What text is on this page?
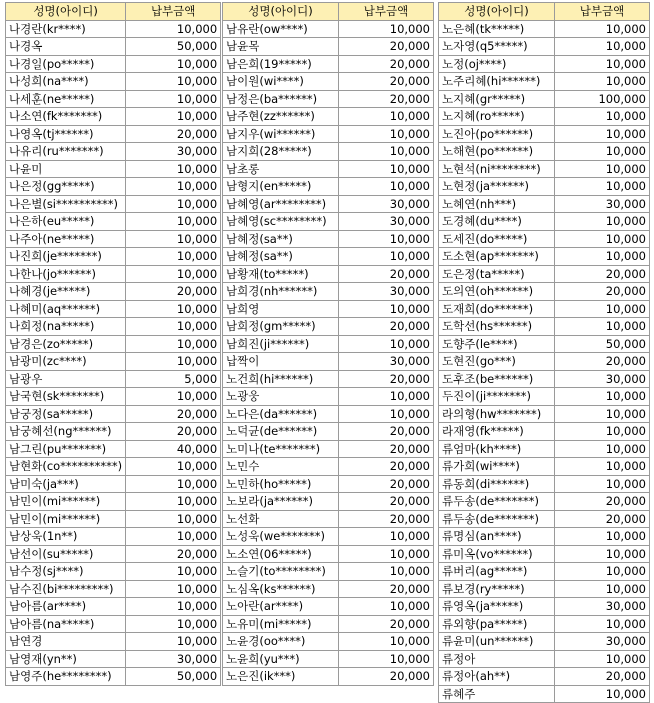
성명(아이디)	납부금액
나경란(kr****)	10,000
나경옥	50,000
나경일(po*****)	10,000
나성희(na****)	10,000
나세훈(ne*****)	10,000
나소연(fk*******)	10,000
나영옥(tj******)	20,000
나유리(ru*******)	30,000
나윤미	10,000
나은정(gg*****)	10,000
나은별(si**********)	10,000
나은하(eu*****)	10,000
나주아(ne*****)	10,000
나진희(je*******)	10,000
나한나(jo******)	10,000
나혜경(je*****)	20,000
나혜미(aq******)	10,000
나희정(na*****)	10,000
남경은(zo*****)	10,000
남광미(zc****)	10,000
남광우	5,000
남국현(sk*******)	10,000
남궁정(sa*****)	20,000
남궁혜선(ng******)	20,000
남그린(pu*******)	40,000
남현화(co**********)	10,000
남미숙(ja***)	10,000
남민이(mi******)	10,000
남민이(mi******)	10,000
남상욱(1n**)	10,000
남선이(su*****)	20,000
남수정(sj****)	10,000
남수진(bi*********)	10,000
남아름(ar****)	10,000
남아름(na*****)	10,000
남연경	10,000
남영재(yn**)	30,000
남영주(he********)	50,000
성명(아이디)	납부금액
남유란(ow****)	10,000
남윤목	20,000
남은희(19*****)	20,000
남이원(wi****)	20,000
남정은(ba******)	20,000
남주현(zz******)	10,000
남지우(wi******)	10,000
남지희(28*****)	10,000
남초롱	10,000
남형지(en*****)	10,000
남혜영(ar********)	30,000
남혜영(sc********)	30,000
남혜정(sa**)	10,000
남혜정(sa**)	10,000
남황재(to*****)	20,000
남희경(nh******)	30,000
남희영	10,000
남희정(gm*****)	20,000
남희진(ji******)	10,000
납짝이	30,000
노건희(hi******)	20,000
노광웅	10,000
노다은(da******)	10,000
노덕균(de******)	20,000
노미나(te*******)	20,000
노민수	20,000
노민하(ho*****)	20,000
노보라(ja******)	20,000
노선화	20,000
노성욱(we*******)	10,000
노소연(06*****)	10,000
노슬기(to********)	10,000
노심옥(ks******)	20,000
노아란(ar****)	10,000
노유미(mi*****)	20,000
노윤경(oo****)	10,000
노윤희(yu***)	10,000
노은진(ik***)	20,000
성명(아이디)	납부금액
노은혜(tk*****)	10,000
노자영(q5*****)	10,000
노정(oj****)	10,000
노주리혜(hi******)	10,000
노지혜(gr*****)	100,000
노지혜(ro*****)	10,000
노진아(po******)	10,000
노해현(po******)	10,000
노현석(ni********)	10,000
노현정(ja******)	10,000
노혜연(nh***)	30,000
도경혜(du****)	10,000
도세진(do*****)	10,000
도소현(ap*******)	10,000
도은정(ta*****)	20,000
도의연(oh******)	20,000
도재희(do******)	10,000
도학선(hs******)	10,000
도향주(le****)	50,000
도현진(go***)	20,000
도후조(be******)	30,000
두진이(ji*******)	10,000
라의형(hw*******)	10,000
라재영(fk*****)	10,000
류엄마(kh****)	10,000
류가희(wi****)	10,000
류동희(di******)	10,000
류두송(de*******)	20,000
류두송(de*******)	20,000
류명심(an****)	10,000
류미옥(vo******)	10,000
류버리(ag*****)	10,000
류보경(ry*****)	10,000
류영옥(ja*****)	30,000
류외향(pa*****)	10,000
류윤미(un******)	30,000
류정아	10,000
류정아(ah**)	20,000
류혜주	10,000
